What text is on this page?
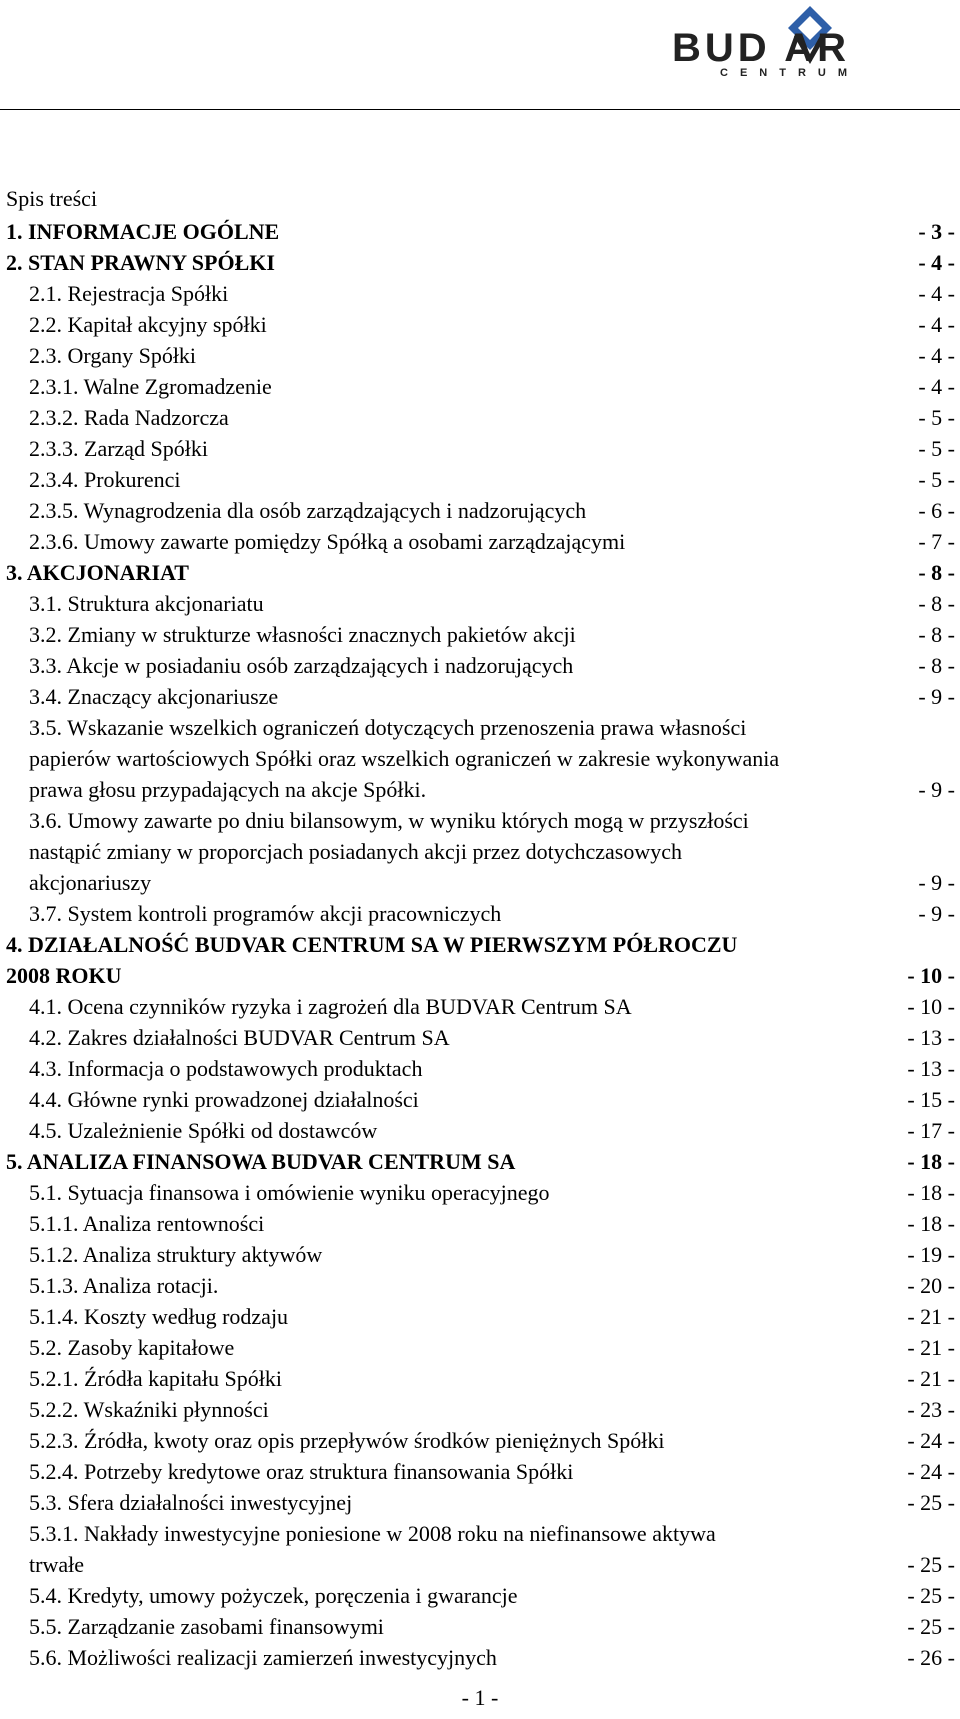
BUD AR
CENTRUM
Spis treści
1. INFORMACJE OGÓLNE	- 3 -
2. STAN PRAWNY SPÓŁKI	- 4 -
2.1. Rejestracja Spółki	- 4 -
2.2. Kapitał akcyjny spółki	- 4 -
2.3. Organy Spółki	- 4 -
2.3.1. Walne Zgromadzenie	- 4 -
2.3.2. Rada Nadzorcza	- 5 -
2.3.3. Zarząd Spółki	- 5 -
2.3.4. Prokurenci	- 5 -
2.3.5. Wynagrodzenia dla osób zarządzających i nadzorujących	- 6 -
2.3.6. Umowy zawarte pomiędzy Spółką a osobami zarządzającymi	- 7 -
3. AKCJONARIAT	- 8 -
3.1. Struktura akcjonariatu	- 8 -
3.2. Zmiany w strukturze własności znacznych pakietów akcji	- 8 -
3.3. Akcje w posiadaniu osób zarządzających i nadzorujących	- 8 -
3.4. Znaczący akcjonariusze	- 9 -
3.5. Wskazanie wszelkich ograniczeń dotyczących przenoszenia prawa własności
papierów wartościowych Spółki oraz wszelkich ograniczeń w zakresie wykonywania
prawa głosu przypadających na akcje Spółki.	- 9 -
3.6. Umowy zawarte po dniu bilansowym, w wyniku których mogą w przyszłości
nastąpić zmiany w proporcjach posiadanych akcji przez dotychczasowych
akcjonariuszy	- 9 -
3.7. System kontroli programów akcji pracowniczych	- 9 -
4. DZIAŁALNOŚĆ BUDVAR CENTRUM SA W PIERWSZYM PÓŁROCZU
2008 ROKU	- 10 -
4.1. Ocena czynników ryzyka i zagrożeń dla BUDVAR Centrum SA	- 10 -
4.2. Zakres działalności BUDVAR Centrum SA	- 13 -
4.3. Informacja o podstawowych produktach	- 13 -
4.4. Główne rynki prowadzonej działalności	- 15 -
4.5. Uzależnienie Spółki od dostawców	- 17 -
5. ANALIZA FINANSOWA BUDVAR CENTRUM SA	- 18 -
5.1. Sytuacja finansowa i omówienie wyniku operacyjnego	- 18 -
5.1.1. Analiza rentowności	- 18 -
5.1.2. Analiza struktury aktywów	- 19 -
5.1.3. Analiza rotacji.	- 20 -
5.1.4. Koszty według rodzaju	- 21 -
5.2. Zasoby kapitałowe	- 21 -
5.2.1. Źródła kapitału Spółki	- 21 -
5.2.2. Wskaźniki płynności	- 23 -
5.2.3. Źródła, kwoty oraz opis przepływów środków pieniężnych Spółki	- 24 -
5.2.4. Potrzeby kredytowe oraz struktura finansowania Spółki	- 24 -
5.3. Sfera działalności inwestycyjnej	- 25 -
5.3.1. Nakłady inwestycyjne poniesione w 2008 roku na niefinansowe aktywa
trwałe	- 25 -
5.4. Kredyty, umowy pożyczek, poręczenia i gwarancje	- 25 -
5.5. Zarządzanie zasobami finansowymi	- 25 -
5.6. Możliwości realizacji zamierzeń inwestycyjnych	- 26 -
- 1 -
